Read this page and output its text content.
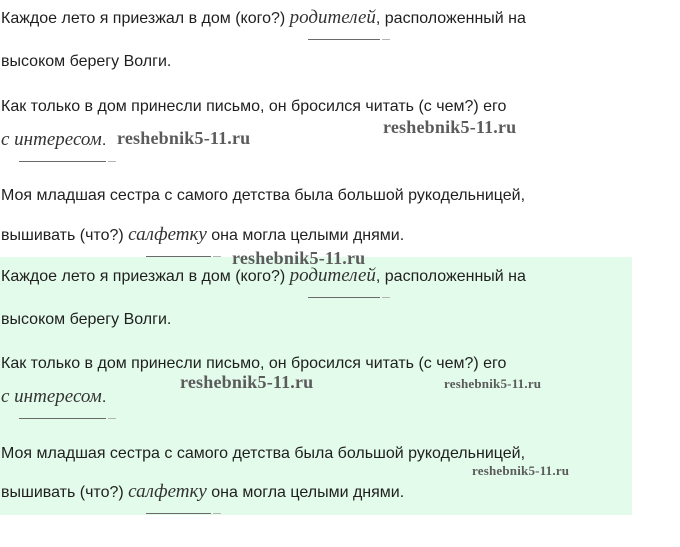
Каждое лето я приезжал в дом (кого?) родителей, расположенный на
высоком берегу Волги.
Как только в дом принесли письмо, он бросился читать (с чем?) его
с интересом.
Моя младшая сестра с самого детства была большой рукодельницей,
вышивать (что?) салфетку она могла целыми днями.
Каждое лето я приезжал в дом (кого?) родителей, расположенный на
высоком берегу Волги.
Как только в дом принесли письмо, он бросился читать (с чем?) его
с интересом.
Моя младшая сестра с самого детства была большой рукодельницей,
вышивать (что?) салфетку она могла целыми днями.
reshebnik5-11.ru
reshebnik5-11.ru
reshebnik5-11.ru
reshebnik5-11.ru	reshebnik5-11.ru
reshebnik5-11.ru
